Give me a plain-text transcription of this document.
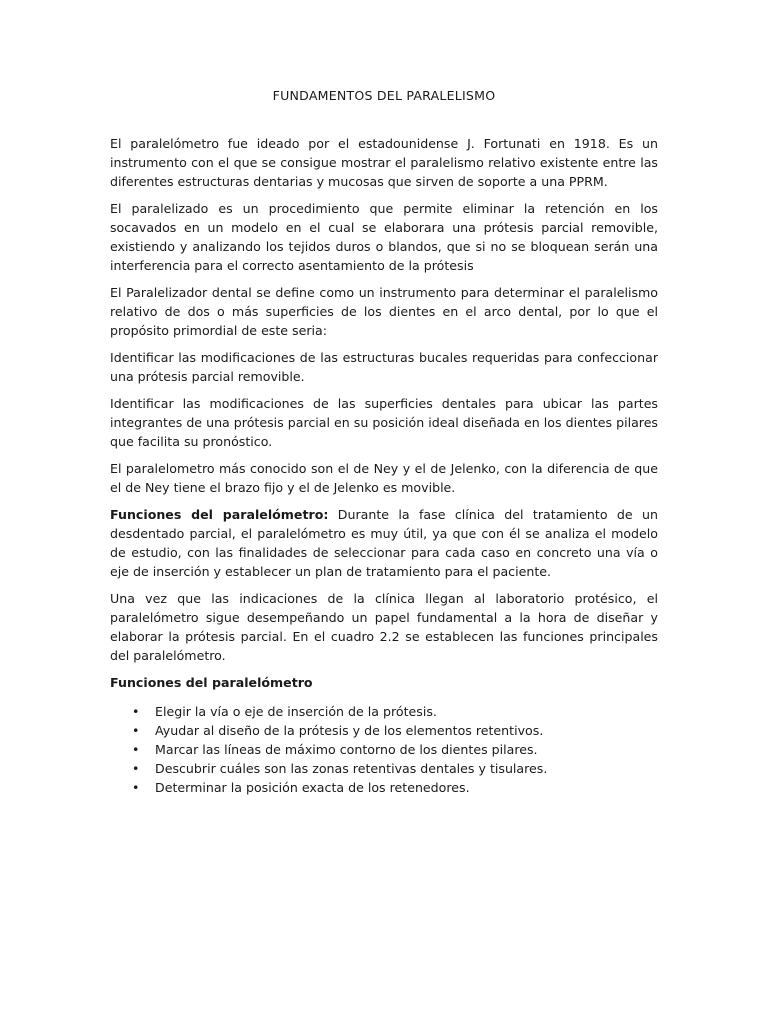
FUNDAMENTOS DEL PARALELISMO

El paralelómetro fue ideado por el estadounidense J. Fortunati en 1918. Es un instrumento con el que se consigue mostrar el paralelismo relativo existente entre las diferentes estructuras dentarias y mucosas que sirven de soporte a una PPRM.

El paralelizado es un procedimiento que permite eliminar la retención en los socavados en un modelo en el cual se elaborara una prótesis parcial removible, existiendo y analizando los tejidos duros o blandos, que si no se bloquean serán una interferencia para el correcto asentamiento de la prótesis

El Paralelizador dental se define como un instrumento para determinar el paralelismo relativo de dos o más superficies de los dientes en el arco dental, por lo que el propósito primordial de este seria:

Identificar las modificaciones de las estructuras bucales requeridas para confeccionar una prótesis parcial removible.

Identificar las modificaciones de las superficies dentales para ubicar las partes integrantes de una prótesis parcial en su posición ideal diseñada en los dientes pilares que facilita su pronóstico.

El paralelometro más conocido son el de Ney y el de Jelenko, con la diferencia de que el de Ney tiene el brazo fijo y el de Jelenko es movible.

Funciones del paralelómetro: Durante la fase clínica del tratamiento de un desdentado parcial, el paralelómetro es muy útil, ya que con él se analiza el modelo de estudio, con las finalidades de seleccionar para cada caso en concreto una vía o eje de inserción y establecer un plan de tratamiento para el paciente.

Una vez que las indicaciones de la clínica llegan al laboratorio protésico, el paralelómetro sigue desempeñando un papel fundamental a la hora de diseñar y elaborar la prótesis parcial. En el cuadro 2.2 se establecen las funciones principales del paralelómetro.

Funciones del paralelómetro
• Elegir la vía o eje de inserción de la prótesis.
• Ayudar al diseño de la prótesis y de los elementos retentivos.
• Marcar las líneas de máximo contorno de los dientes pilares.
• Descubrir cuáles son las zonas retentivas dentales y tisulares.
• Determinar la posición exacta de los retenedores.
